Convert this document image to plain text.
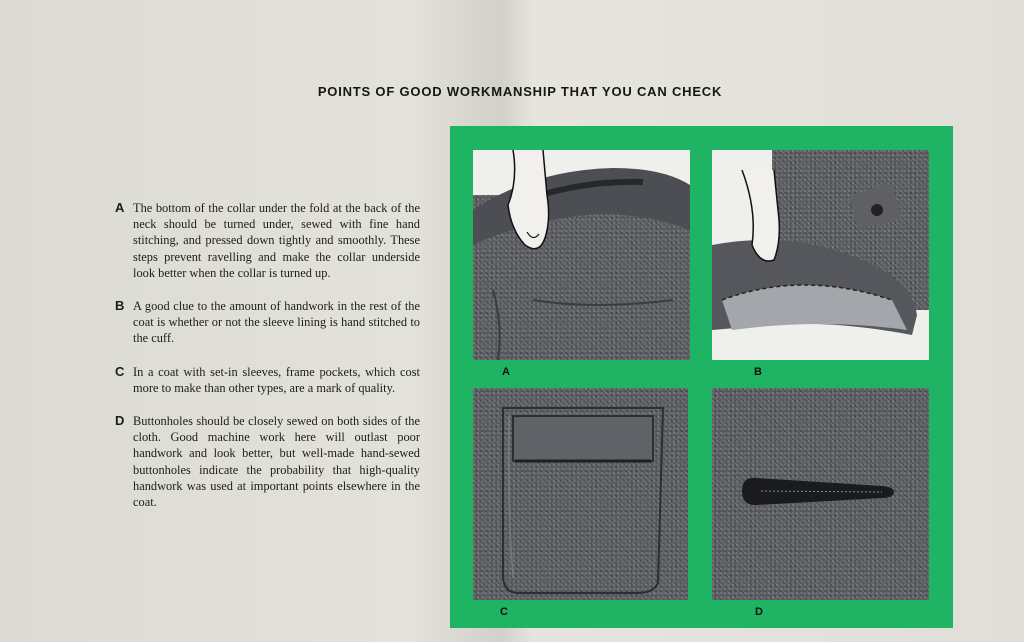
POINTS OF GOOD WORKMANSHIP THAT YOU CAN CHECK
A The bottom of the collar under the fold at the back of the neck should be turned under, sewed with fine hand stitching, and pressed down tightly and smoothly. These steps prevent ravelling and make the collar underside look better when the collar is turned up.
B A good clue to the amount of handwork in the rest of the coat is whether or not the sleeve lining is hand stitched to the cuff.
C In a coat with set-in sleeves, frame pockets, which cost more to make than other types, are a mark of quality.
D Buttonholes should be closely sewed on both sides of the cloth. Good machine work here will outlast poor handwork and look better, but well-made hand-sewed buttonholes indicate the probability that high-quality handwork was used at important points elsewhere in the coat.
A	B
C	D
